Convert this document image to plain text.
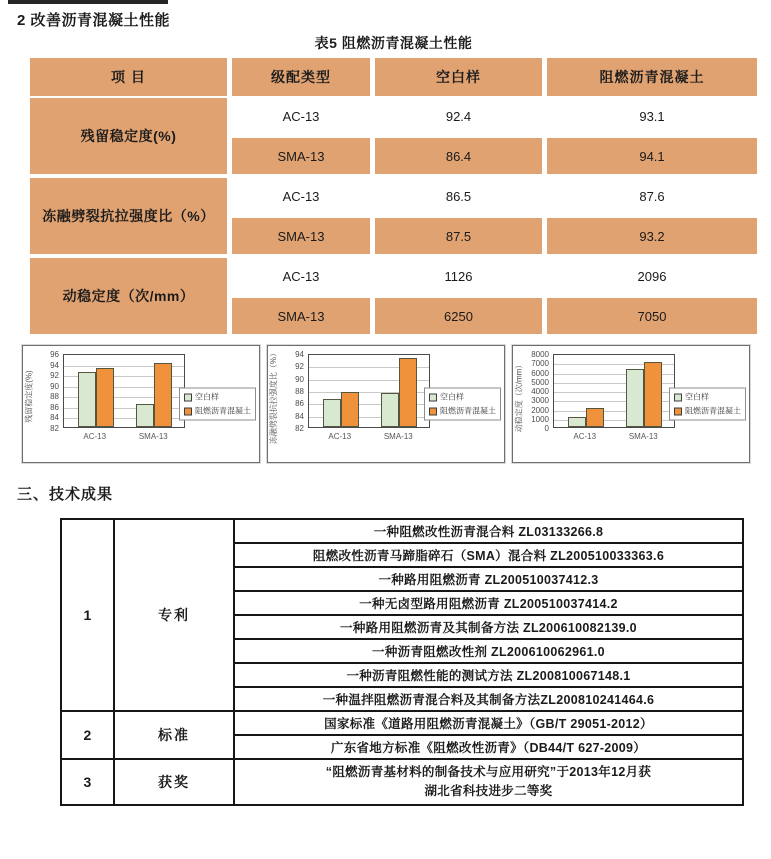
2 改善沥青混凝土性能
表5 阻燃沥青混凝土性能
项 目	级配类型	空白样	阻燃沥青混凝土
残留稳定度(%)
AC-13	92.4	93.1
SMA-13	86.4	94.1
冻融劈裂抗拉强度比（%）
AC-13	86.5	87.6
SMA-13	87.5	93.2
动稳定度（次/mm）
AC-13	1126	2096
SMA-13	6250	7050
残留稳定度(%)
82
84
86
88
90
92
94
96
AC-13	SMA-13
空白样
阻燃沥青混凝土 冻融劈裂抗拉强度比（%）	82
84
86
88
90
92
94
AC-13	SMA-13
空白样
阻燃沥青混凝土 动稳定度（次/mm）	0
1000
2000
3000
4000
5000
6000
7000
8000
AC-13	SMA-13
空白样
阻燃沥青混凝土
三、技术成果
1	专利	一种阻燃改性沥青混合料 ZL03133266.8
		阻燃改性沥青马蹄脂碎石（SMA）混合料 ZL200510033363.6
		一种路用阻燃沥青 ZL200510037412.3
		一种无卤型路用阻燃沥青 ZL200510037414.2
		一种路用阻燃沥青及其制备方法 ZL200610082139.0
		一种沥青阻燃改性剂 ZL200610062961.0
		一种沥青阻燃性能的测试方法 ZL200810067148.1
		一种温拌阻燃沥青混合料及其制备方法ZL200810241464.6
2	标准	国家标准《道路用阻燃沥青混凝土》（GB/T 29051-2012）
		广东省地方标准《阻燃改性沥青》（DB44/T 627-2009）
3	获奖	“阻燃沥青基材料的制备技术与应用研究”于2013年12月获
湖北省科技进步二等奖
